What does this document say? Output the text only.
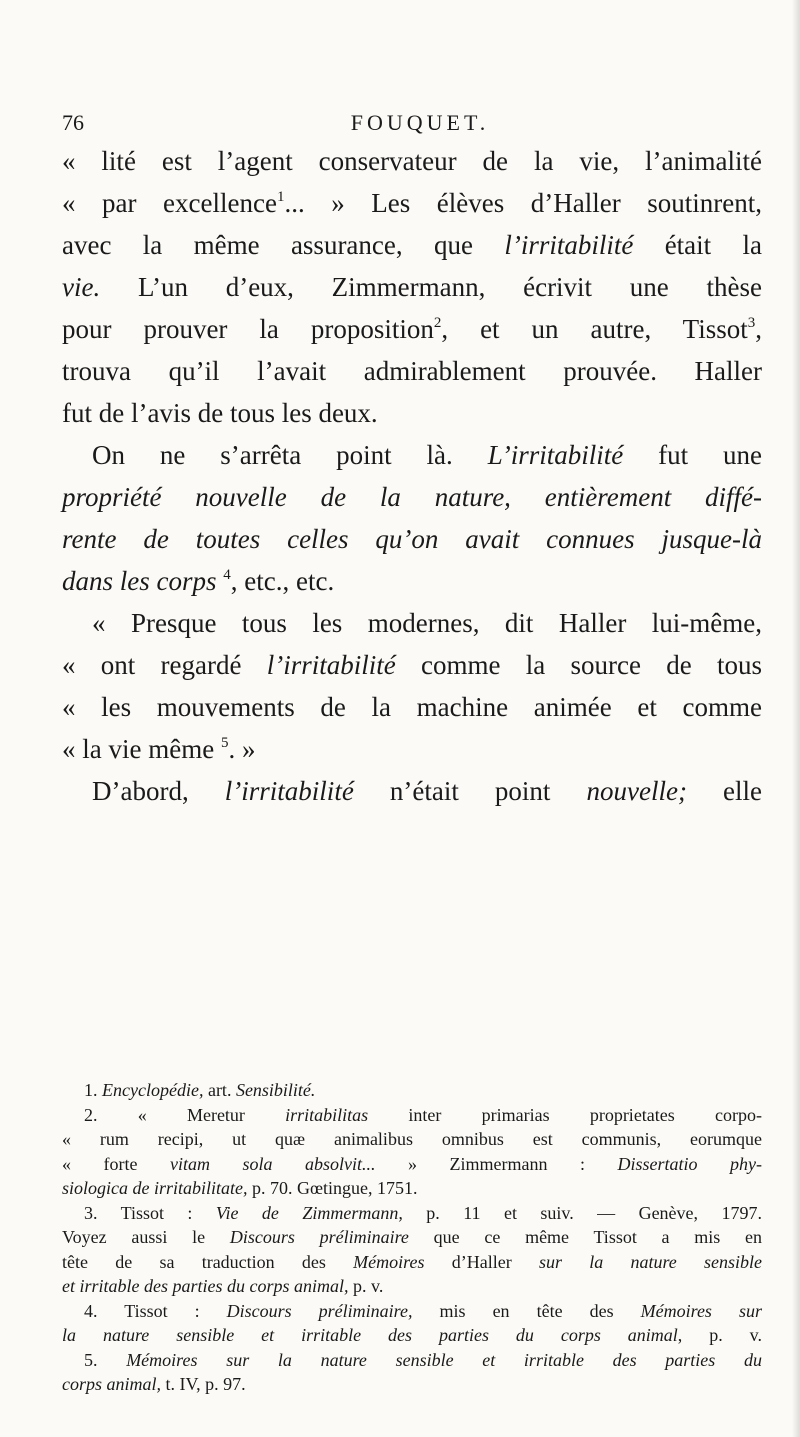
76	FOUQUET.
« lité est l’agent conservateur de la vie, l’animalité
« par excellence$^1$... » Les élèves d’Haller soutinrent,
avec la même assurance, que l’irritabilité était la
vie. L’un d’eux, Zimmermann, écrivit une thèse
pour prouver la proposition$^2$, et un autre, Tissot$^3$,
trouva qu’il l’avait admirablement prouvée. Haller
fut de l’avis de tous les deux.
On ne s’arrêta point là. L’irritabilité fut une
propriété nouvelle de la nature, entièrement diffé-
rente de toutes celles qu’on avait connues jusque-là
dans les corps $^4$, etc., etc.
« Presque tous les modernes, dit Haller lui-même,
« ont regardé l’irritabilité comme la source de tous
« les mouvements de la machine animée et comme
« la vie même $^5$. »
D’abord, l’irritabilité n’était point nouvelle; elle
1. Encyclopédie, art. Sensibilité.
2. « Meretur irritabilitas inter primarias proprietates corpo-
« rum recipi, ut quæ animalibus omnibus est communis, eorumque
« forte vitam sola absolvit... » Zimmermann : Dissertatio phy-
siologica de irritabilitate, p. 70. Gœtingue, 1751.
3. Tissot : Vie de Zimmermann, p. 11 et suiv. — Genève, 1797.
Voyez aussi le Discours préliminaire que ce même Tissot a mis en
tête de sa traduction des Mémoires d’Haller sur la nature sensible
et irritable des parties du corps animal, p. v.
4. Tissot : Discours préliminaire, mis en tête des Mémoires sur
la nature sensible et irritable des parties du corps animal, p. v.
5. Mémoires sur la nature sensible et irritable des parties du
corps animal, t. IV, p. 97.
